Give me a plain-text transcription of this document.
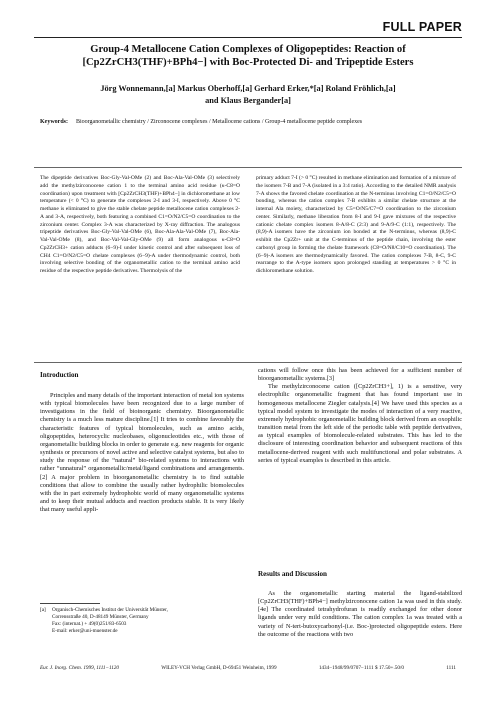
FULL PAPER
Group-4 Metallocene Cation Complexes of Oligopeptides: Reaction of [Cp2ZrCH3(THF)+BPh4−] with Boc-Protected Di- and Tripeptide Esters
Jörg Wonnemann,[a] Markus Oberhoff,[a] Gerhard Erker,*[a] Roland Fröhlich,[a]
and Klaus Bergander[a]
Keywords:	Bioorganometallic chemistry / Zirconocene complexes / Metallocene cations / Group-4 metallocene peptide complexes
The dipeptide derivatives Boc-Gly-Val-OMe (2) and Boc-Ala-Val-OMe (3) selectively add the methylzirconocene cation 1 to the terminal amino acid residue (κ-C8=O coordination) upon treatment with [Cp2ZrCH3(THF)+BPh4−] in dichloromethane at low temperature (< 0 °C) to generate the complexes 2-I and 3-I, respectively. Above 0 °C methane is eliminated to give the stable chelate peptide metallocene cation complexes 2-A and 3-A, respectively, both featuring a combined C1=O/N2/C5=O coordination to the zirconium center. Complex 3-A was characterized by X-ray diffraction. The analogous tripeptide derivatives Boc-Gly-Val-Val-OMe (6), Boc-Ala-Ala-Val-OMe (7), Boc-Ala-Val-Val-OMe (8), and Boc-Val-Val-Gly-OMe (9) all form analogous κ-C8=O Cp2ZrCH3+ cation adducts (6−9)-I under kinetic control and after subsequent loss of CH4 C1=O/N2/C5=O chelate complexes (6−9)-A under thermodynamic control, both involving selective bonding of the organometallic cation to the terminal amino acid residue of the respective peptide derivatives. Thermolysis of the
primary adduct 7-I (> 0 °C) resulted in methane elimination and formation of a mixture of the isomers 7-B and 7-A (isolated in a 3:4 ratio). According to the detailed NMR analysis 7-A shows the favored chelate coordination at the N-terminus involving C1=O/N2/C5=O bonding, whereas the cation complex 7-B exhibits a similar chelate structure at the internal Ala moiety, characterized by C5=O/N5/C7=O coordination to the zirconium center. Similarly, methane liberation from 8-I and 9-I gave mixtures of the respective cationic chelate complex isomers 8-A/8-C (2:3) and 9-A/9-C (1:1), respectively. The (8,9)-A isomers have the zirconium ion bonded at the N-terminus, whereas (8,9)-C exhibit the Cp2Zr+ unit at the C-terminus of the peptide chain, involving the ester carbonyl group in forming the chelate framework (C8=O/N8/C10=O coordination). The (6−9)-A isomers are thermodynamically favored. The cation complexes 7-B, 8-C, 9-C rearrange to the A-type isomers upon prolonged standing at temperatures > 0 °C in dichloromethane solution.
Introduction

Principles and many details of the important interaction of metal ion systems with typical biomolecules have been recognized due to a large number of investigations in the field of bioinorganic chemistry. Bioorganometallic chemistry is a much less mature discipline.[1] It tries to combine favorably the characteristic features of typical biomolecules, such as amino acids, oligopeptides, heterocyclic nucleobases, oligonucleotides etc., with those of organometallic building blocks in order to generate e.g. new reagents for organic synthesis or precursors of novel active and selective catalyst systems, but also to study the response of the “natural” bio-related systems to interactions with rather “unnatural” organometallic/metal/ligand combinations and arrangements.[2] A major problem in bioorganometallic chemistry is to find suitable conditions that allow to combine the usually rather hydrophilic biomolecules with the in part extremely hydrophobic world of many organometallic systems and to keep their mutual adducts and reaction products stable. It is very likely that many useful appli-

cations will follow once this has been achieved for a sufficient number of bioorganometallic systems.[3]

The methylzirconocene cation ([Cp2ZrCH3+], 1) is a sensitive, very electrophilic organometallic fragment that has found important use in homogeneous metallocene Ziegler catalysis.[4] We have used this species as a typical model system to investigate the modes of interaction of a very reactive, extremely hydrophobic organometallic building block derived from an oxophilic transition metal from the left side of the periodic table with peptide derivatives, as typical examples of biomolecule-related substrates. This has led to the disclosure of interesting coordination behavior and subsequent reactions of this metallocene-derived reagent with such multifunctional and polar substrates. A series of typical examples is described in this article.

Results and Discussion

As the organometallic starting material the ligand-stabilized [Cp2ZrCH3(THF)+BPh4−] methylzirconocene cation 1a was used in this study.[4e] The coordinated tetrahydrofuran is readily exchanged for other donor ligands under very mild conditions. The cation complex 1a was treated with a variety of N-tert-butoxycarbonyl-(i.e. Boc-)protected oligopeptide esters. Here the outcome of the reactions with two

[a] Organisch-Chemisches Institut der Universität Münster,
Corrensstraße 40, D-48149 Münster, Germany
Fax: (internat.) + 49(0)251/83-6503
E-mail: erker@uni-muenster.de
Eur. J. Inorg. Chem. 1999, 1111−1120	WILEY-VCH Verlag GmbH, D-69451 Weinheim, 1999	1434−1948/99/0707−1111 $ 17.50+.50/0	1111
